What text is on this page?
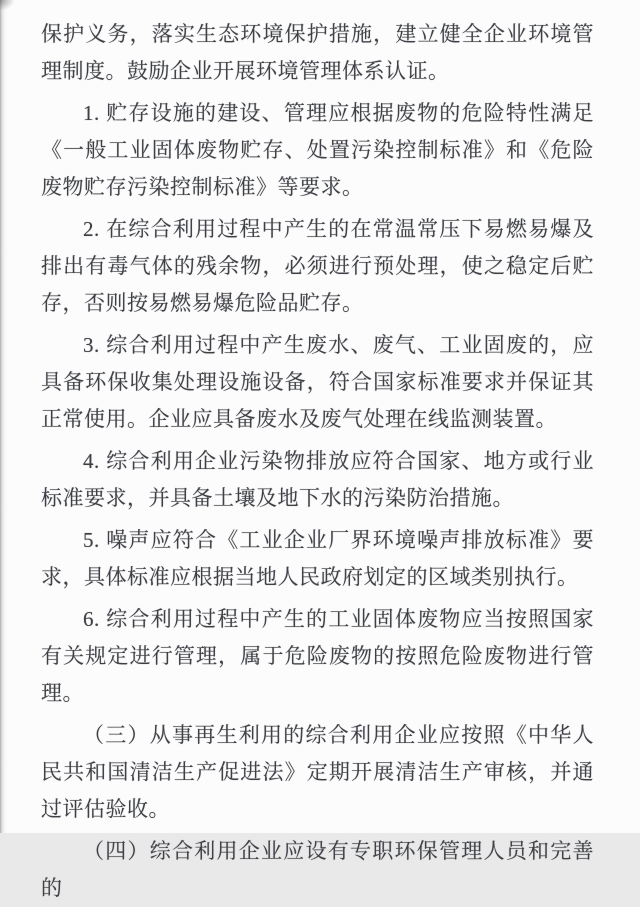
保护义务，落实生态环境保护措施，建立健全企业环境管理制度。鼓励企业开展环境管理体系认证。

1. 贮存设施的建设、管理应根据废物的危险特性满足《一般工业固体废物贮存、处置污染控制标准》和《危险废物贮存污染控制标准》等要求。

2. 在综合利用过程中产生的在常温常压下易燃易爆及排出有毒气体的残余物，必须进行预处理，使之稳定后贮存，否则按易燃易爆危险品贮存。

3. 综合利用过程中产生废水、废气、工业固废的，应具备环保收集处理设施设备，符合国家标准要求并保证其正常使用。企业应具备废水及废气处理在线监测装置。

4. 综合利用企业污染物排放应符合国家、地方或行业标准要求，并具备土壤及地下水的污染防治措施。

5. 噪声应符合《工业企业厂界环境噪声排放标准》要求，具体标准应根据当地人民政府划定的区域类别执行。

6. 综合利用过程中产生的工业固体废物应当按照国家有关规定进行管理，属于危险废物的按照危险废物进行管理。

（三）从事再生利用的综合利用企业应按照《中华人民共和国清洁生产促进法》定期开展清洁生产审核，并通过评估验收。

（四）综合利用企业应设有专职环保管理人员和完善的
